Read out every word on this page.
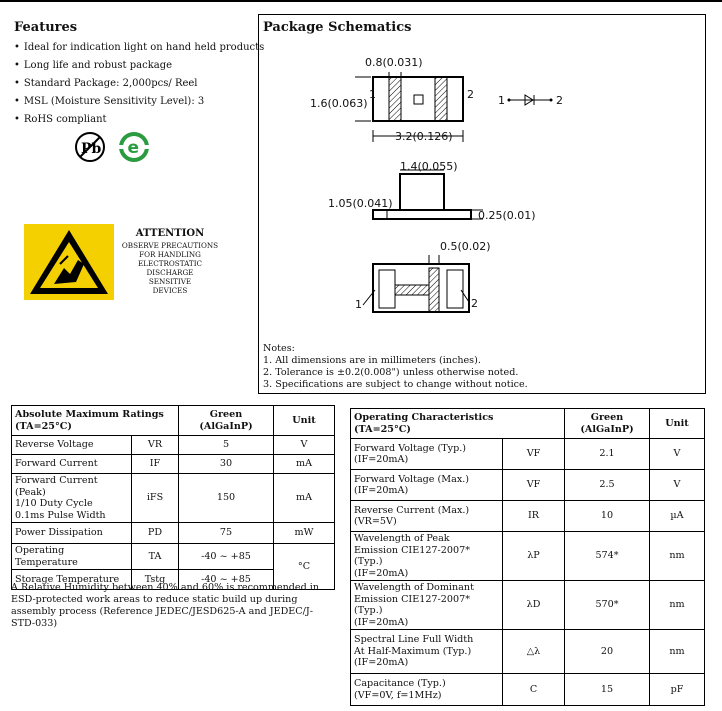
Features
• Ideal for indication light on hand held products
• Long life and robust package
• Standard Package: 2,000pcs/ Reel
• MSL (Moisture Sensitivity Level): 3
• RoHS compliant
Pb e
ATTENTION
OBSERVE PRECAUTIONS
FOR HANDLING
ELECTROSTATIC
DISCHARGE
SENSITIVE
DEVICES
Package Schematics
0.8(0.031)
1.6(0.063)
3.2(0.126)
1	2 1	2
1.4(0.055)
1.05(0.041)
0.25(0.01)
0.5(0.02)
1	2
Notes:
1. All dimensions are in millimeters (inches).
2. Tolerance is ±0.2(0.008") unless otherwise noted.
3. Specifications are subject to change without notice.
Absolute Maximum Ratings
(TA=25°C)		Green
(AlGaInP)	Unit
Reverse Voltage	VR	5	V
Forward Current	IF	30	mA
Forward Current (Peak)
1/10 Duty Cycle
0.1ms Pulse Width	iFS	150	mA
Power Dissipation	PD	75	mW
Operating Temperature	TA	-40 ~ +85	°C
Storage Temperature	Tstg	-40 ~ +85	
A Relative Humidity between 40% and 60% is recommended in ESD-protected work areas to reduce static build up during assembly process (Reference JEDEC/JESD625-A and JEDEC/J-STD-033)
Operating Characteristics
(TA=25°C)		Green
(AlGaInP)	Unit
Forward Voltage (Typ.)
(IF=20mA)	VF	2.1	V
Forward Voltage (Max.)
(IF=20mA)	VF	2.5	V
Reverse Current (Max.)
(VR=5V)	IR	10	µA
Wavelength of Peak
Emission CIE127-2007* (Typ.)
(IF=20mA)	λP	574*	nm
Wavelength of Dominant
Emission CIE127-2007* (Typ.)
(IF=20mA)	λD	570*	nm
Spectral Line Full Width
At Half-Maximum (Typ.)
(IF=20mA)	△λ	20	nm
Capacitance (Typ.)
(VF=0V, f=1MHz)	C	15	pF
